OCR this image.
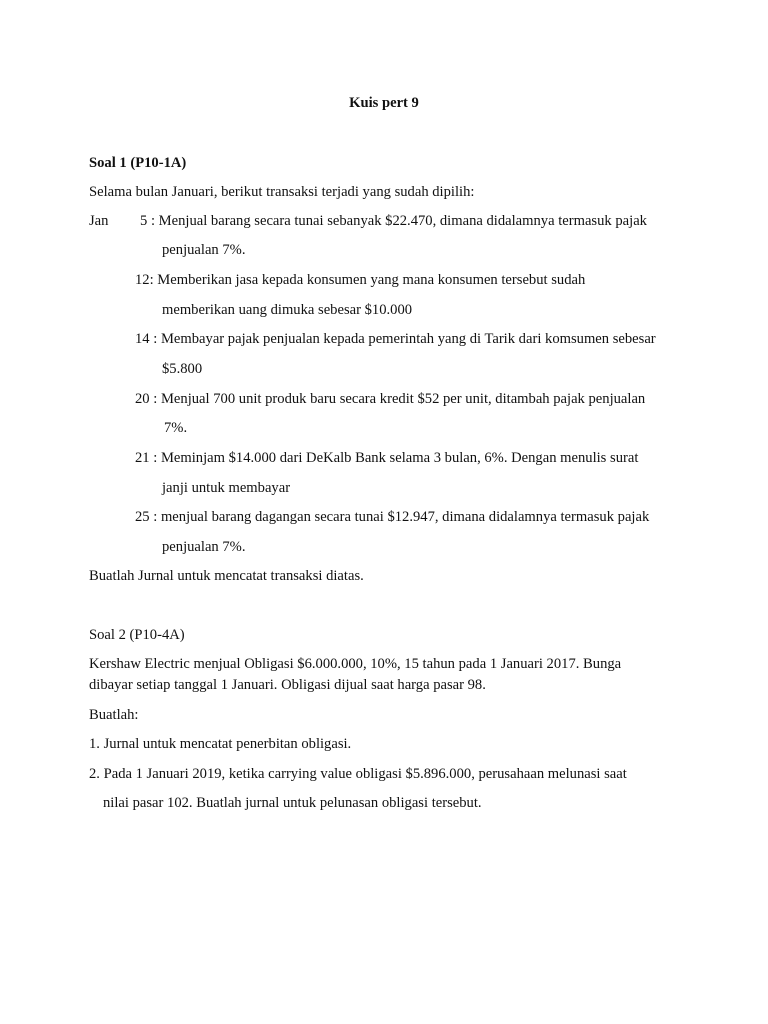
Kuis pert 9
Soal 1 (P10-1A)
Selama bulan Januari, berikut transaksi terjadi yang sudah dipilih:
Jan 5 : Menjual barang secara tunai sebanyak $22.470, dimana didalamnya termasuk pajak
penjualan 7%.
12: Memberikan jasa kepada konsumen yang mana konsumen tersebut sudah
memberikan uang dimuka sebesar $10.000
14 : Membayar pajak penjualan kepada pemerintah yang di Tarik dari komsumen sebesar
$5.800
20 : Menjual 700 unit produk baru secara kredit $52 per unit, ditambah pajak penjualan
7%.
21 : Meminjam $14.000 dari DeKalb Bank selama 3 bulan, 6%. Dengan menulis surat
janji untuk membayar
25 : menjual barang dagangan secara tunai $12.947, dimana didalamnya termasuk pajak
penjualan 7%.
Buatlah Jurnal untuk mencatat transaksi diatas.
Soal 2 (P10-4A)
Kershaw Electric menjual Obligasi $6.000.000, 10%, 15 tahun pada 1 Januari 2017. Bunga
dibayar setiap tanggal 1 Januari. Obligasi dijual saat harga pasar 98.
Buatlah:
1. Jurnal untuk mencatat penerbitan obligasi.
2. Pada 1 Januari 2019, ketika carrying value obligasi $5.896.000, perusahaan melunasi saat
nilai pasar 102. Buatlah jurnal untuk pelunasan obligasi tersebut.
